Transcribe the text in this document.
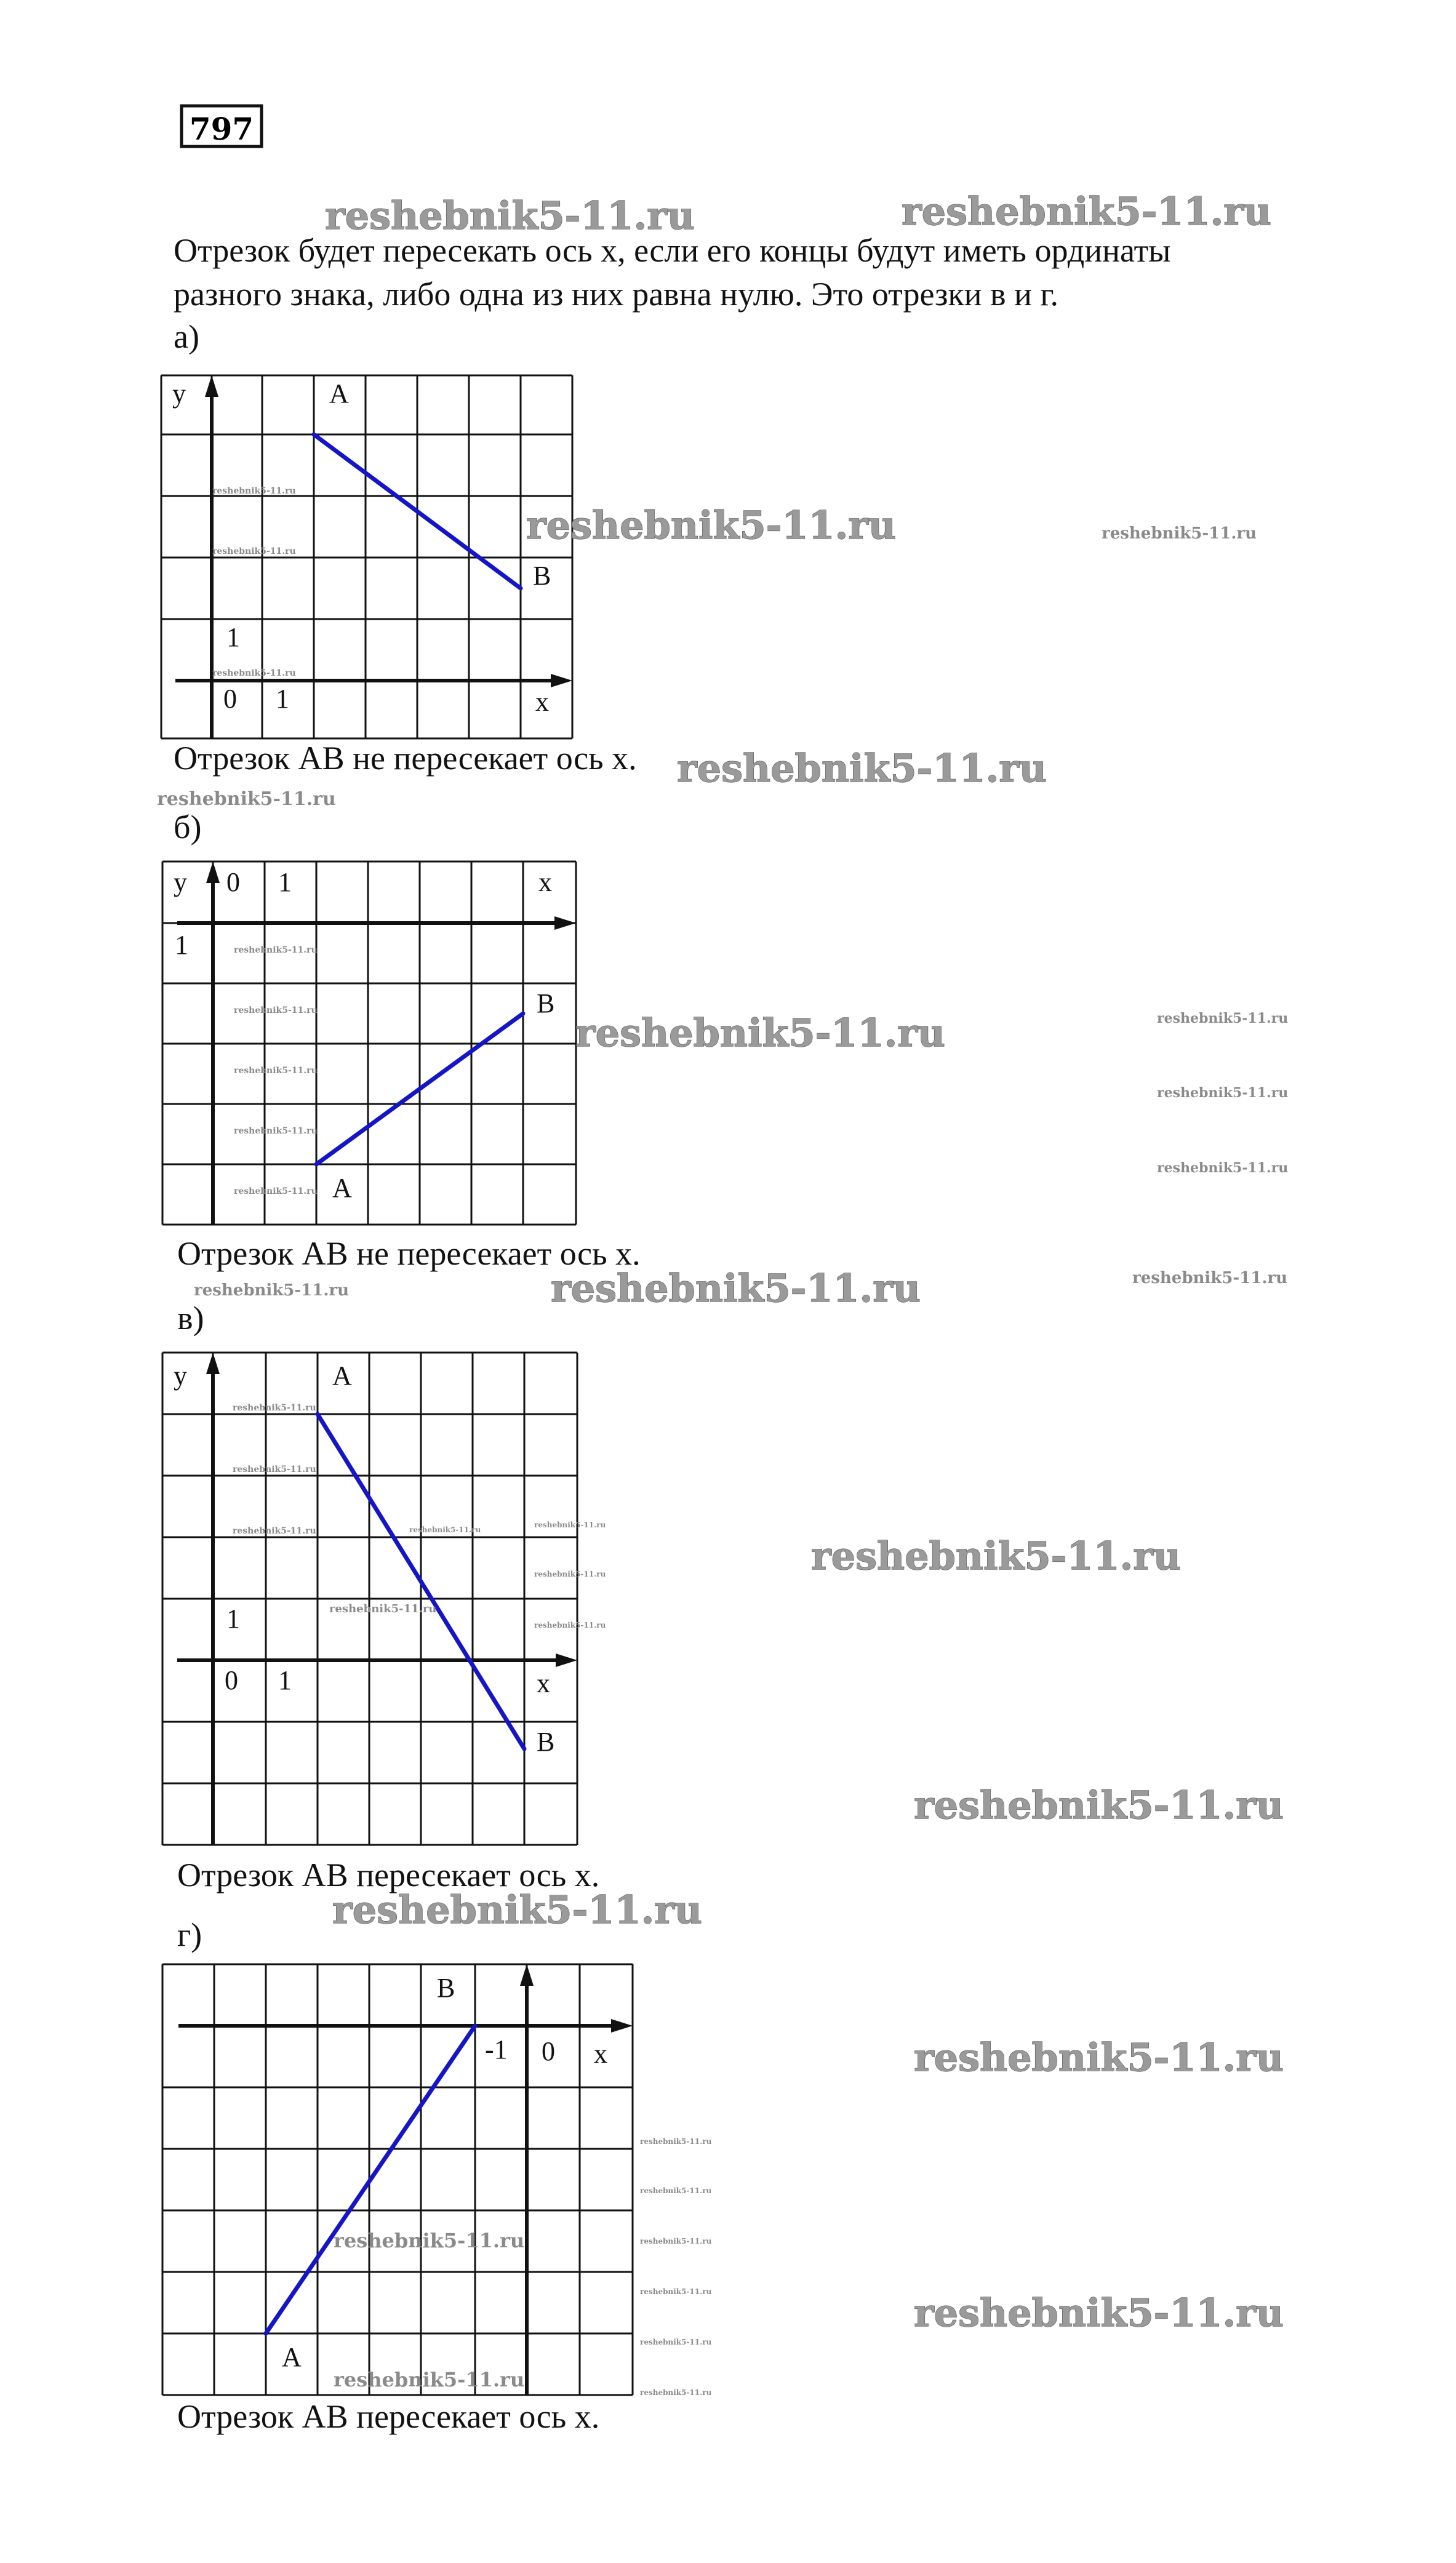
797
reshebnik5-11.ru	reshebnik5-11.ru
Отрезок будет пересекать ось х, если его концы будут иметь ординаты
разного знака, либо одна из них равна нулю. Это отрезки в и г.
а)
y	A
B
1
0 1	x
reshebnik5-11.ru
reshebnik5-11.ru
reshebnik5-11.ru
reshebnik5-11.ru	reshebnik5-11.ru
Отрезок АВ не пересекает ось х. reshebnik5-11.ru
reshebnik5-11.ru
б)
y 0 1	x
1
B
A
reshebnik5-11.ru
reshebnik5-11.ru
reshebnik5-11.ru
reshebnik5-11.ru
reshebnik5-11.ru
reshebnik5-11.ru	reshebnik5-11.ru
reshebnik5-11.ru
reshebnik5-11.ru
Отрезок АВ не пересекает ось х.
reshebnik5-11.ru	reshebnik5-11.ru
reshebnik5-11.ru
в)
y	A
1
0 1	x
B
reshebnik5-11.ru
reshebnik5-11.ru
reshebnik5-11.ru	reshebnik5-11.ru
reshebnik5-11.ru
reshebnik5-11.ru
reshebnik5-11.ru
reshebnik5-11.ru
reshebnik5-11.ru
reshebnik5-11.ru
Отрезок АВ пересекает ось х.
reshebnik5-11.ru
г)
B
-1 0 x
A
reshebnik5-11.ru
reshebnik5-11.ru
reshebnik5-11.ru
reshebnik5-11.ru
reshebnik5-11.ru
reshebnik5-11.ru
reshebnik5-11.ru
reshebnik5-11.ru
reshebnik5-11.ru
reshebnik5-11.ru
Отрезок АВ пересекает ось х.
